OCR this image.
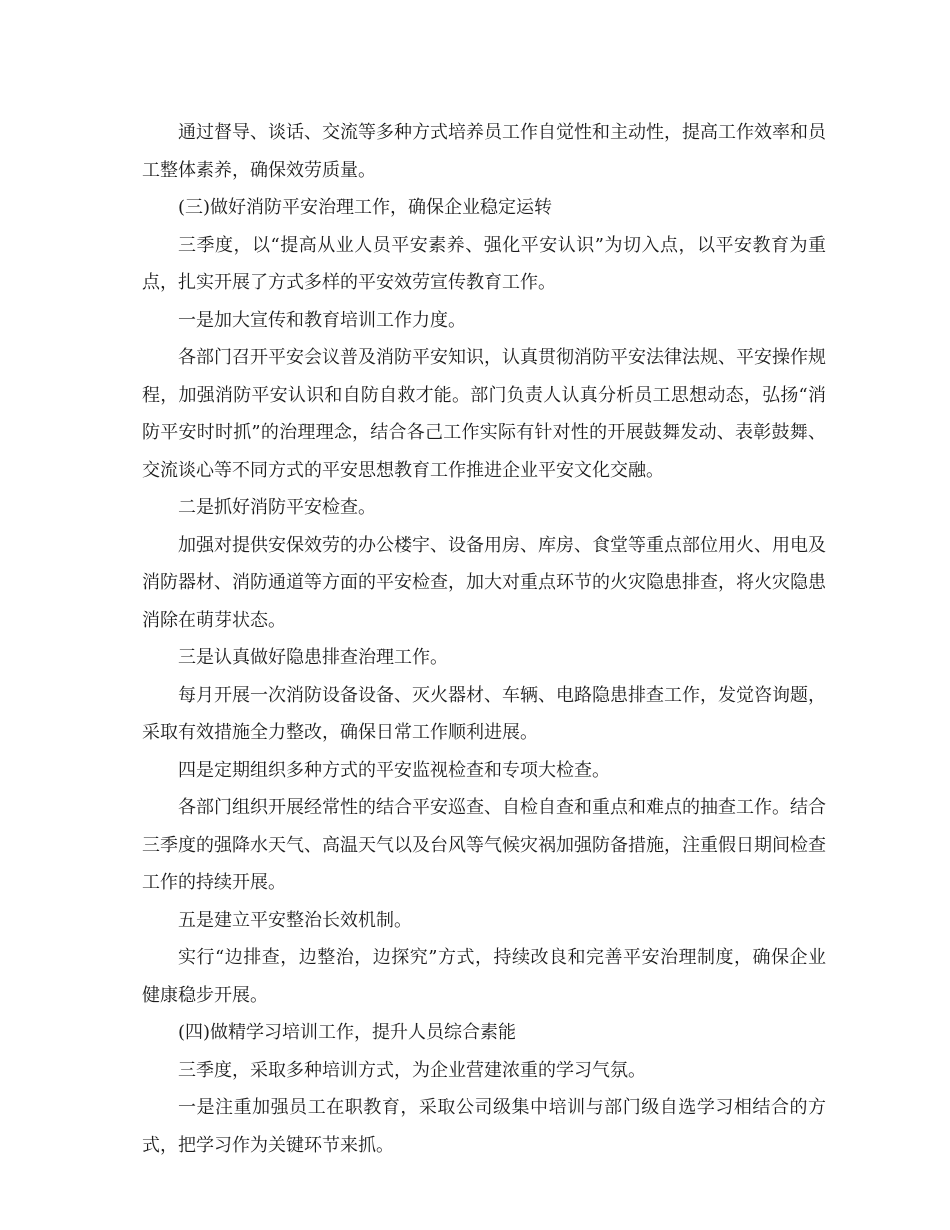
通过督导、谈话、交流等多种方式培养员工作自觉性和主动性，提高工作效率和员工整体素养，确保效劳质量。

(三)做好消防平安治理工作，确保企业稳定运转

三季度，以“提高从业人员平安素养、强化平安认识”为切入点，以平安教育为重点，扎实开展了方式多样的平安效劳宣传教育工作。

一是加大宣传和教育培训工作力度。

各部门召开平安会议普及消防平安知识，认真贯彻消防平安法律法规、平安操作规程，加强消防平安认识和自防自救才能。部门负责人认真分析员工思想动态，弘扬“消防平安时时抓”的治理理念，结合各己工作实际有针对性的开展鼓舞发动、表彰鼓舞、交流谈心等不同方式的平安思想教育工作推进企业平安文化交融。

二是抓好消防平安检查。

加强对提供安保效劳的办公楼宇、设备用房、库房、食堂等重点部位用火、用电及消防器材、消防通道等方面的平安检查，加大对重点环节的火灾隐患排查，将火灾隐患消除在萌芽状态。

三是认真做好隐患排查治理工作。

每月开展一次消防设备设备、灭火器材、车辆、电路隐患排查工作，发觉咨询题，采取有效措施全力整改，确保日常工作顺利进展。

四是定期组织多种方式的平安监视检查和专项大检查。

各部门组织开展经常性的结合平安巡查、自检自查和重点和难点的抽查工作。结合三季度的强降水天气、高温天气以及台风等气候灾祸加强防备措施，注重假日期间检查工作的持续开展。

五是建立平安整治长效机制。

实行“边排查，边整治，边探究”方式，持续改良和完善平安治理制度，确保企业健康稳步开展。

(四)做精学习培训工作，提升人员综合素能

三季度，采取多种培训方式，为企业营建浓重的学习气氛。

一是注重加强员工在职教育，采取公司级集中培训与部门级自选学习相结合的方式，把学习作为关键环节来抓。
